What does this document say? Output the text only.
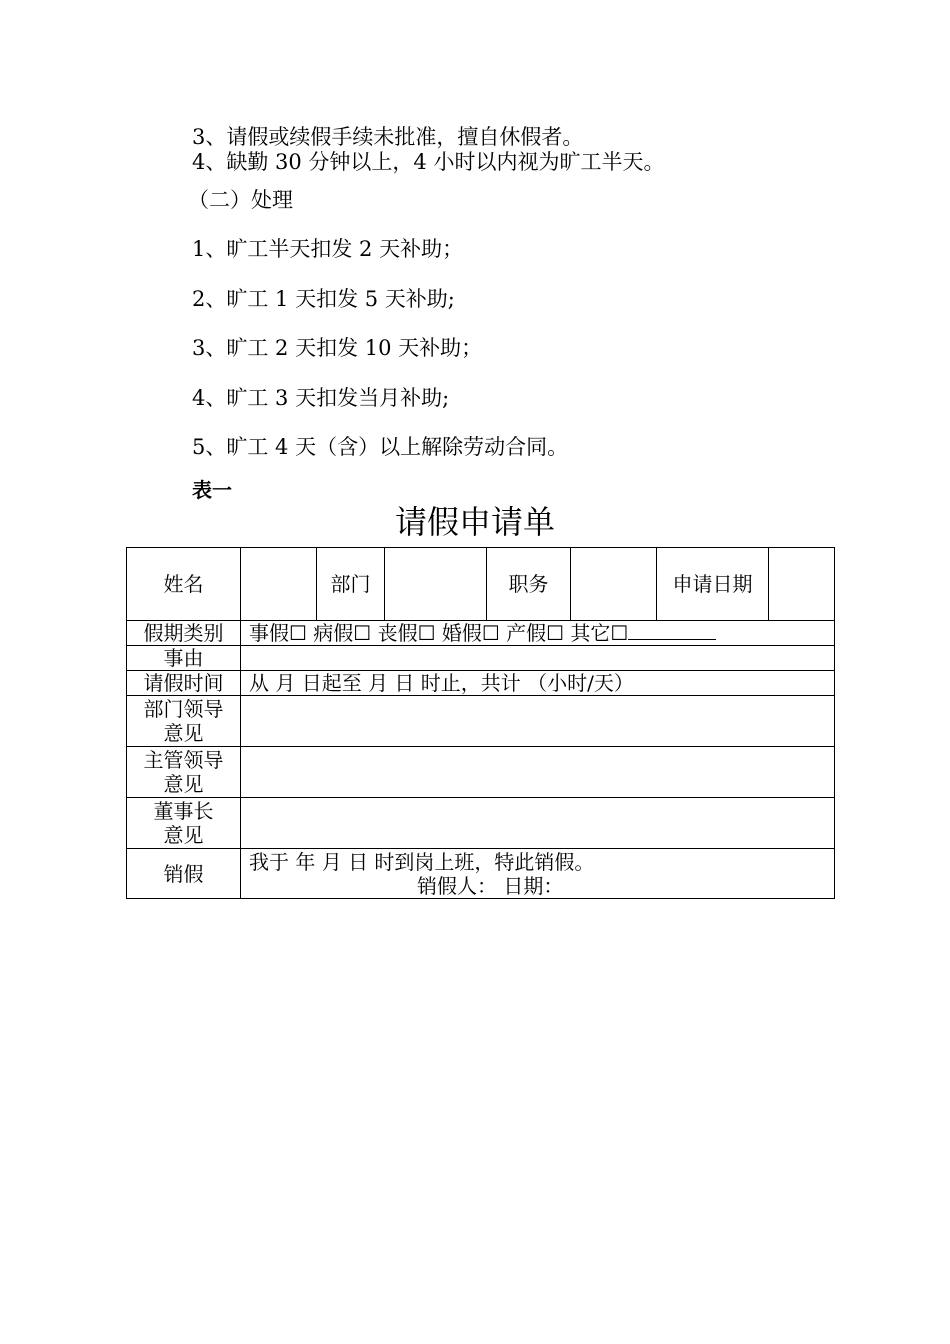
3、请假或续假手续未批准，擅自休假者。
4、缺勤 30 分钟以上，4 小时以内视为旷工半天。
（二）处理
1、旷工半天扣发 2 天补助；
2、旷工 1 天扣发 5 天补助;
3、旷工 2 天扣发 10 天补助；
4、旷工 3 天扣发当月补助;
5、旷工 4 天（含）以上解除劳动合同。
表一
请假申请单
姓名		部门		职务		申请日期	
假期类别	事假☐ 病假☐ 丧假☐ 婚假☐ 产假☐ 其它☐						
事由							
请假时间	从 月 日起至 月 日 时止，共计 （小时/天）						

部门领导
意见							

主管领导
意见							

董事长
意见							

销假	我于 年 月 日 时到岗上班，特此销假。
销假人： 日期：						
